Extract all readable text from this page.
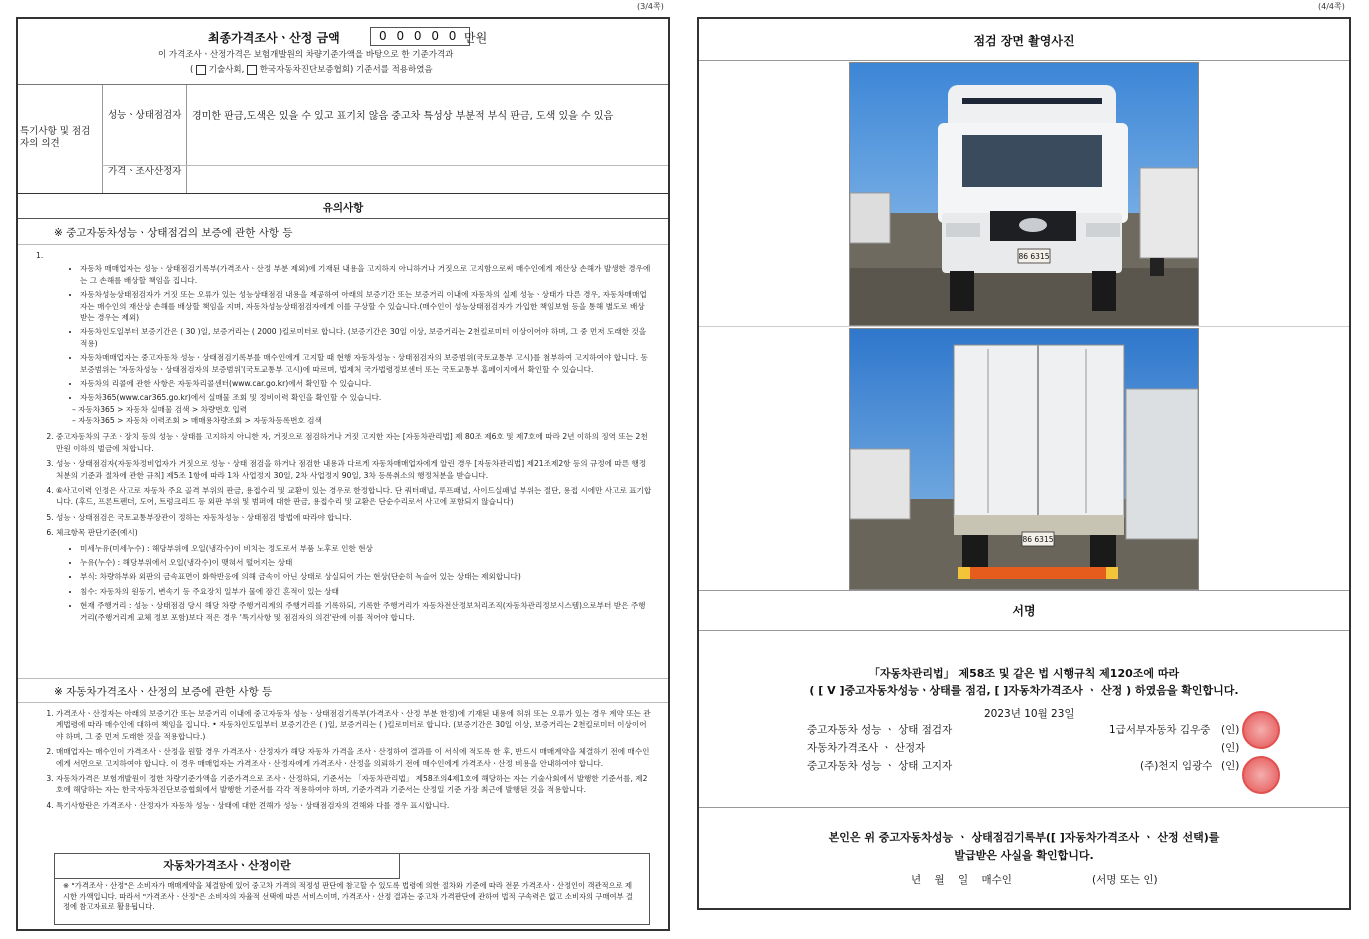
(3/4쪽)
최종가격조사ㆍ산정 금액	0 0 0 0 0 만원
이 가격조사ㆍ산정가격은 보험개발원의 차량기준가액을 바탕으로 한 기준가격과
( 기술사회, 한국자동차진단보증협회) 기준서를 적용하였음
특기사항 및 점검자의 의견
성능ㆍ상태점검자 경미한 판금,도색은 있을 수 있고 표기치 않음 중고차 특성상 부분적 부식 판금, 도색 있을 수 있음
가격ㆍ조사산정자
유의사항
※ 중고자동차성능ㆍ상태점검의 보증에 관한 사항 등
1.
• 자동차 매매업자는 성능ㆍ상태점검기록부(가격조사ㆍ산정 부분 제외)에 기재된 내용을 고지하지 아니하거나 거짓으로 고지함으로써 매수인에게 재산상 손해가 발생한 경우에는 그 손해를 배상할 책임을 집니다.
• 자동차성능상태점검자가 거짓 또는 오류가 있는 성능상태점검 내용을 제공하여 아래의 보증기간 또는 보증거리 이내에 자동차의 실제 성능ㆍ상태가 다른 경우, 자동차매매업자는 매수인의 재산상 손해를 배상할 책임을 지며, 자동차성능상태점검자에게 이를 구상할 수 있습니다.(매수인이 성능상태점검자가 가입한 책임보험 등을 통해 별도로 배상받는 경우는 제외)
• 자동차인도일부터 보증기간은 ( 30 )일, 보증거리는 ( 2000 )킬로미터로 합니다. (보증기간은 30일 이상, 보증거리는 2천킬로미터 이상이어야 하며, 그 중 먼저 도래한 것을 적용)
• 자동차매매업자는 중고자동차 성능ㆍ상태점검기록부를 매수인에게 고지할 때 현행 자동차성능ㆍ상태점검자의 보증범위(국토교통부 고시)를 첨부하여 고지하여야 합니다. 동 보증범위는 '자동차성능ㆍ상태점검자의 보증범위'(국토교통부 고시)에 따르며, 법제처 국가법령정보센터 또는 국토교통부 홈페이지에서 확인할 수 있습니다.
• 자동차의 리콜에 관한 사항은 자동차리콜센터(www.car.go.kr)에서 확인할 수 있습니다.
• 자동차365(www.car365.go.kr)에서 실매물 조회 및 정비이력 확인을 확인할 수 있습니다.
– 자동차365 > 자동차 실매물 검색 > 차량번호 입력
– 자동차365 > 자동차 이력조회 > 매매용차량조회 > 자동차등록번호 검색
2. 중고자동차의 구조ㆍ장치 등의 성능ㆍ상태를 고지하지 아니한 자, 거짓으로 점검하거나 거짓 고지한 자는 [자동차관리법] 제 80조 제6호 및 제7호에 따라 2년 이하의 징역 또는 2천만원 이하의 벌금에 처합니다.
3. 성능ㆍ상태점검자(자동차정비업자가 거짓으로 성능ㆍ상태 점검을 하거나 점검한 내용과 다르게 자동차매매업자에게 알린 경우 [자동차관리법] 제21조제2항 등의 규정에 따른 행정처분의 기준과 절차에 관한 규칙] 제5조 1항에 따라 1차 사업정지 30일, 2차 사업정지 90일, 3차 등록취소의 행정처분을 받습니다.
4. ⑥사고이력 인정은 사고로 자동차 주요 골격 부위의 판금, 용접수리 및 교환이 있는 경우로 한정합니다. 단 쿼터패널, 루프패널, 사이드실패널 부위는 절단, 용접 시에만 사고로 표기합니다. (후드, 프론트펜더, 도어, 트렁크리드 등 외판 부위 및 범퍼에 대한 판금, 용접수리 및 교환은 단순수리로서 사고에 포함되지 않습니다)
5. 성능ㆍ상태점검은 국토교통부장관이 정하는 자동차성능ㆍ상태점검 방법에 따라야 합니다.
6. 체크항목 판단기준(예시)
• 미세누유(미세누수) : 해당부위에 오일(냉각수)이 비치는 정도로서 부품 노후로 인한 현상
• 누유(누수) : 해당부위에서 오일(냉각수)이 맺혀서 떨어지는 상태
• 부식: 차량하부와 외판의 금속표면이 화학반응에 의해 금속이 아닌 상태로 상실되어 가는 현상(단순히 녹슬어 있는 상태는 제외합니다)
• 침수: 자동차의 원동기, 변속기 등 주요장치 일부가 물에 잠긴 흔적이 있는 상태
• 현재 주행거리 : 성능ㆍ상태점검 당시 해당 차량 주행거리계의 주행거리를 기록하되, 기록한 주행거리가 자동차전산정보처리조직(자동차관리정보시스템)으로부터 받은 주행거리(주행거리계 교체 정보 포함)보다 적은 경우 '특기사항 및 점검자의 의견'란에 이를 적어야 합니다.
※ 자동차가격조사ㆍ산정의 보증에 관한 사항 등
1. 가격조사ㆍ산정자는 아래의 보증기간 또는 보증거리 이내에 중고자동차 성능ㆍ상태점검기록부(가격조사ㆍ산정 부분 한정)에 기재된 내용에 허위 또는 오류가 있는 경우 계약 또는 관계법령에 따라 매수인에 대하여 책임을 집니다. • 자동차인도일부터 보증기간은 ( )일, 보증거리는 ( )킬로미터로 합니다. (보증기간은 30일 이상, 보증거리는 2천킬로미터 이상이어야 하며, 그 중 먼저 도래한 것을 적용합니다.)
2. 매매업자는 매수인이 가격조사ㆍ산정을 원할 경우 가격조사ㆍ산정자가 해당 자동차 가격을 조사ㆍ산정하여 결과를 이 서식에 적도록 한 후, 반드시 매매계약을 체결하기 전에 매수인에게 서면으로 고지하여야 합니다. 이 경우 매매업자는 가격조사ㆍ산정자에게 가격조사ㆍ산정을 의뢰하기 전에 매수인에게 가격조사ㆍ산정 비용을 안내하여야 합니다.
3. 자동차가격은 보험개발원이 정한 차량기준가액을 기준가격으로 조사ㆍ산정하되, 기준서는 「자동차관리법」 제58조의4제1호에 해당하는 자는 기술사회에서 발행한 기준서를, 제2호에 해당하는 자는 한국자동차진단보증협회에서 발행한 기준서를 각각 적용하여야 하며, 기준가격과 기준서는 산정일 기준 가장 최근에 발행된 것을 적용합니다.
4. 특기사항란은 가격조사ㆍ산정자가 자동차 성능ㆍ상태에 대한 견해가 성능ㆍ상태점검자의 견해와 다를 경우 표시합니다.
자동차가격조사ㆍ산정이란
※ "가격조사ㆍ산정"은 소비자가 매매계약을 체결함에 있어 중고차 가격의 적정성 판단에 참고할 수 있도록 법령에 의한 절차와 기준에 따라 전문 가격조사ㆍ산정인이 객관적으로 제시한 가액입니다. 따라서 "가격조사ㆍ산정"은 소비자의 자율적 선택에 따른 서비스이며, 가격조사ㆍ산정 결과는 중고차 가격판단에 관하여 법적 구속력은 없고 소비자의 구매여부 결정에 참고자료로 활용됩니다.
(4/4쪽)
점검 장면 촬영사진
86 6315
86 6315
서명
「자동차관리법」 제58조 및 같은 법 시행규칙 제120조에 따라
( [ V ]중고자동차성능ㆍ상태를 점검, [ ]자동차가격조사 ㆍ 산정 ) 하였음을 확인합니다.
2023년 10월 23일
중고자동차 성능 ㆍ 상태 점검자	1급서부자동차 김우중 (인)
자동차가격조사 ㆍ 산정자	(인)
중고자동차 성능 ㆍ 상태 고지자	(주)천지 임광수 (인)
본인은 위 중고자동차성능 ㆍ 상태점검기록부([ ]자동차가격조사 ㆍ 산정 선택)를
발급받은 사실을 확인합니다.
년    월    일    매수인	(서명 또는 인)
